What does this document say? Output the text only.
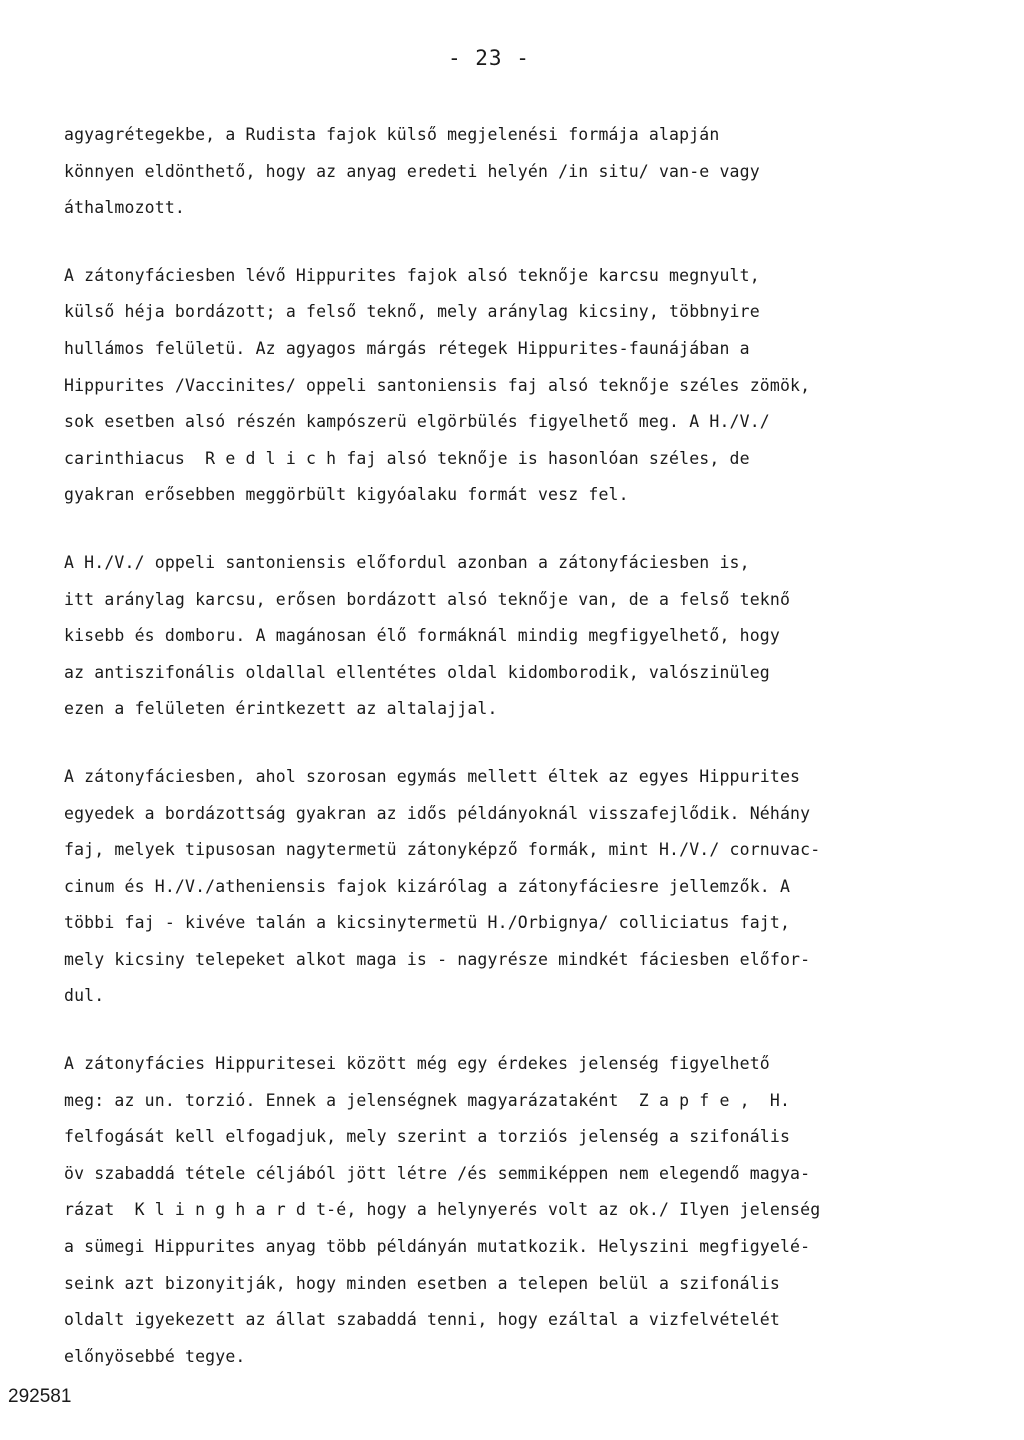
- 23 -
agyagrétegekbe, a Rudista fajok külső megjelenési formája alapján
könnyen eldönthető, hogy az anyag eredeti helyén /in situ/ van-e vagy
áthalmozott.
A zátonyfáciesben lévő Hippurites fajok alsó teknője karcsu megnyult,
külső héja bordázott; a felső teknő, mely aránylag kicsiny, többnyire
hullámos felületü. Az agyagos márgás rétegek Hippurites-faunájában a
Hippurites /Vaccinites/ oppeli santoniensis faj alsó teknője széles zömök,
sok esetben alsó részén kampószerü elgörbülés figyelhető meg. A H./V./
carinthiacus  R e d l i c h faj alsó teknője is hasonlóan széles, de
gyakran erősebben meggörbült kigyóalaku formát vesz fel.
A H./V./ oppeli santoniensis előfordul azonban a zátonyfáciesben is,
itt aránylag karcsu, erősen bordázott alsó teknője van, de a felső teknő
kisebb és domboru. A magánosan élő formáknál mindig megfigyelhető, hogy
az antiszifonális oldallal ellentétes oldal kidomborodik, valószinüleg
ezen a felületen érintkezett az altalajjal.
A zátonyfáciesben, ahol szorosan egymás mellett éltek az egyes Hippurites
egyedek a bordázottság gyakran az idős példányoknál visszafejlődik. Néhány
faj, melyek tipusosan nagytermetü zátonyképző formák, mint H./V./ cornuvac-
cinum és H./V./atheniensis fajok kizárólag a zátonyfáciesre jellemzők. A
többi faj - kivéve talán a kicsinytermetü H./Orbignya/ colliciatus fajt,
mely kicsiny telepeket alkot maga is - nagyrésze mindkét fáciesben előfor-
dul.
A zátonyfácies Hippuritesei között még egy érdekes jelenség figyelhető
meg: az un. torzió. Ennek a jelenségnek magyarázataként  Z a p f e ,  H.
felfogását kell elfogadjuk, mely szerint a torziós jelenség a szifonális
öv szabaddá tétele céljából jött létre /és semmiképpen nem elegendő magya-
rázat  K l i n g h a r d t-é, hogy a helynyerés volt az ok./ Ilyen jelenség
a sümegi Hippurites anyag több példányán mutatkozik. Helyszini megfigyelé-
seink azt bizonyitják, hogy minden esetben a telepen belül a szifonális
oldalt igyekezett az állat szabaddá tenni, hogy ezáltal a vizfelvételét
előnyösebbé tegye.
292581
